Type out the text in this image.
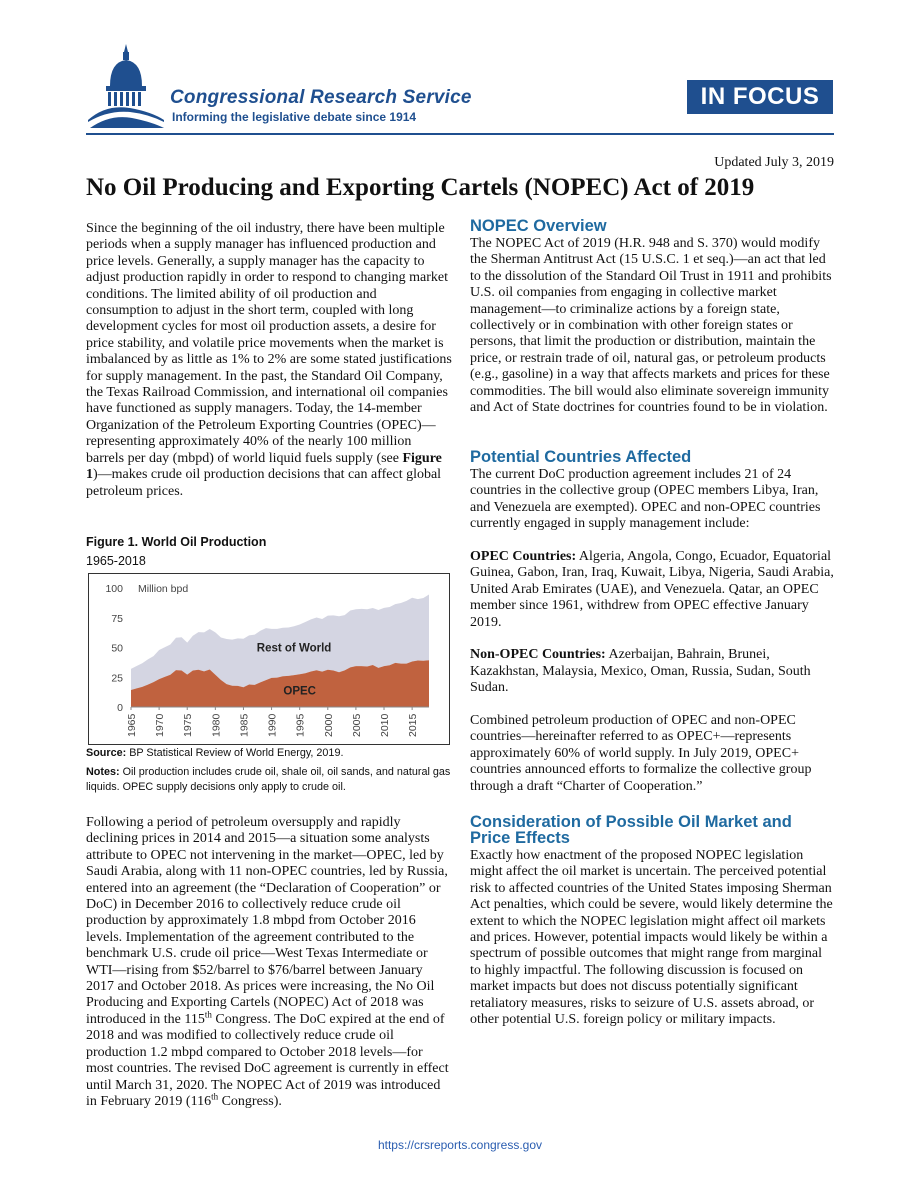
Congressional Research Service
Informing the legislative debate since 1914
IN FOCUS
Updated July 3, 2019
No Oil Producing and Exporting Cartels (NOPEC) Act of 2019

Since the beginning of the oil industry, there have been multiple periods when a supply manager has influenced production and price levels. Generally, a supply manager has the capacity to adjust production rapidly in order to respond to changing market conditions. The limited ability of oil production and consumption to adjust in the short term, coupled with long development cycles for most oil production assets, a desire for price stability, and volatile price movements when the market is imbalanced by as little as 1% to 2% are some stated justifications for supply management. In the past, the Standard Oil Company, the Texas Railroad Commission, and international oil companies have functioned as supply managers. Today, the 14-member Organization of the Petroleum Exporting Countries (OPEC)—representing approximately 40% of the nearly 100 million barrels per day (mbpd) of world liquid fuels supply (see Figure 1)—makes crude oil production decisions that can affect global petroleum prices.

Figure 1. World Oil Production
1965-2018
0
25
50
75
100 Million bpd
1965 1970 1975 1980 1985 1990 1995 2000 2005 2010 2015
Rest of World
OPEC
Source: BP Statistical Review of World Energy, 2019.
Notes: Oil production includes crude oil, shale oil, oil sands, and natural gas liquids. OPEC supply decisions only apply to crude oil.

Following a period of petroleum oversupply and rapidly declining prices in 2014 and 2015—a situation some analysts attribute to OPEC not intervening in the market—OPEC, led by Saudi Arabia, along with 11 non-OPEC countries, led by Russia, entered into an agreement (the “Declaration of Cooperation” or DoC) in December 2016 to collectively reduce crude oil production by approximately 1.8 mbpd from October 2016 levels. Implementation of the agreement contributed to the benchmark U.S. crude oil price—West Texas Intermediate or WTI—rising from $52/barrel to $76/barrel between January 2017 and October 2018. As prices were increasing, the No Oil Producing and Exporting Cartels (NOPEC) Act of 2018 was introduced in the 115th Congress. The DoC expired at the end of 2018 and was modified to collectively reduce crude oil production 1.2 mbpd compared to October 2018 levels—for most countries. The revised DoC agreement is currently in effect until March 31, 2020. The NOPEC Act of 2019 was introduced in February 2019 (116th Congress).

NOPEC Overview

The NOPEC Act of 2019 (H.R. 948 and S. 370) would modify the Sherman Antitrust Act (15 U.S.C. 1 et seq.)—an act that led to the dissolution of the Standard Oil Trust in 1911 and prohibits U.S. oil companies from engaging in collective market management—to criminalize actions by a foreign state, collectively or in combination with other foreign states or persons, that limit the production or distribution, maintain the price, or restrain trade of oil, natural gas, or petroleum products (e.g., gasoline) in a way that affects markets and prices for these commodities. The bill would also eliminate sovereign immunity and Act of State doctrines for countries found to be in violation.

Potential Countries Affected

The current DoC production agreement includes 21 of 24 countries in the collective group (OPEC members Libya, Iran, and Venezuela are exempted). OPEC and non-OPEC countries currently engaged in supply management include:

OPEC Countries: Algeria, Angola, Congo, Ecuador, Equatorial Guinea, Gabon, Iran, Iraq, Kuwait, Libya, Nigeria, Saudi Arabia, United Arab Emirates (UAE), and Venezuela. Qatar, an OPEC member since 1961, withdrew from OPEC effective January 2019.

Non-OPEC Countries: Azerbaijan, Bahrain, Brunei, Kazakhstan, Malaysia, Mexico, Oman, Russia, Sudan, South Sudan.

Combined petroleum production of OPEC and non-OPEC countries—hereinafter referred to as OPEC+—represents approximately 60% of world supply. In July 2019, OPEC+ countries announced efforts to formalize the collective group through a draft “Charter of Cooperation.”

Consideration of Possible Oil Market and
Price Effects

Exactly how enactment of the proposed NOPEC legislation might affect the oil market is uncertain. The perceived potential risk to affected countries of the United States imposing Sherman Act penalties, which could be severe, would likely determine the extent to which the NOPEC legislation might affect oil markets and prices. However, potential impacts would likely be within a spectrum of possible outcomes that might range from marginal to highly impactful. The following discussion is focused on market impacts but does not discuss potentially significant retaliatory measures, risks to seizure of U.S. assets abroad, or other potential U.S. foreign policy or military impacts.

https://crsreports.congress.gov
